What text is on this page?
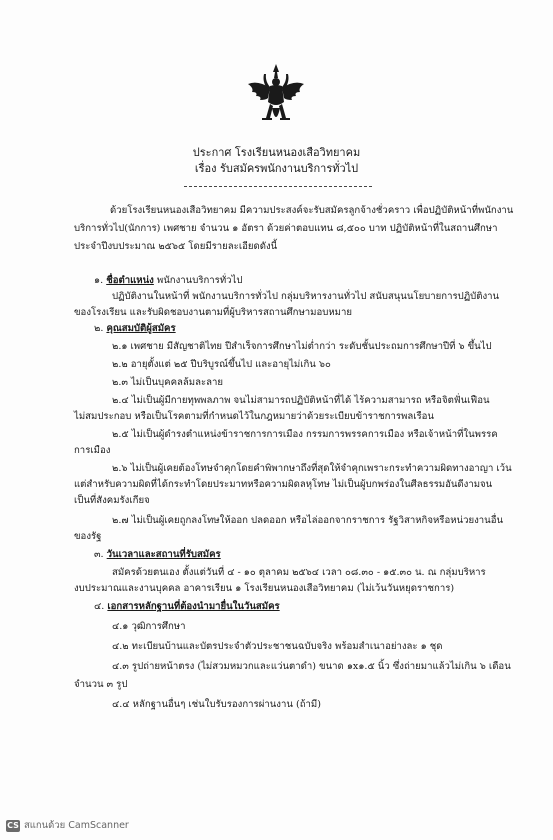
ประกาศ โรงเรียนหนองเสือวิทยาคม
เรื่อง รับสมัครพนักงานบริการทั่วไป
ด้วยโรงเรียนหนองเสือวิทยาคม มีความประสงค์จะรับสมัครลูกจ้างชั่วคราว เพื่อปฏิบัติหน้าที่พนักงาน
บริการทั่วไป(นักการ) เพศชาย จำนวน ๑ อัตรา ด้วยค่าตอบแทน ๘,๕๐๐ บาท ปฏิบัติหน้าที่ในสถานศึกษา
ประจำปีงบประมาณ ๒๕๖๕ โดยมีรายละเอียดดังนี้
๑. ชื่อตำแหน่ง พนักงานบริการทั่วไป
ปฏิบัติงานในหน้าที่ พนักงานบริการทั่วไป กลุ่มบริหารงานทั่วไป สนับสนุนนโยบายการปฏิบัติงาน
ของโรงเรียน และรับผิดชอบงานตามที่ผู้บริหารสถานศึกษามอบหมาย
๒. คุณสมบัติผู้สมัคร
๒.๑ เพศชาย มีสัญชาติไทย ปีสำเร็จการศึกษาไม่ต่ำกว่า ระดับชั้นประถมการศึกษาปีที่ ๖ ขึ้นไป
๒.๒ อายุตั้งแต่ ๒๕ ปีบริบูรณ์ขึ้นไป และอายุไม่เกิน ๖๐
๒.๓ ไม่เป็นบุคคลล้มละลาย
๒.๔ ไม่เป็นผู้มีกายทุพพลภาพ จนไม่สามารถปฏิบัติหน้าที่ได้ ไร้ความสามารถ หรือจิตฟั่นเฟือน
ไม่สมประกอบ หรือเป็นโรคตามที่กำหนดไว้ในกฎหมายว่าด้วยระเบียบข้าราชการพลเรือน
๒.๕ ไม่เป็นผู้ดำรงตำแหน่งข้าราชการการเมือง กรรมการพรรคการเมือง หรือเจ้าหน้าที่ในพรรค
การเมือง
๒.๖ ไม่เป็นผู้เคยต้องโทษจำคุกโดยคำพิพากษาถึงที่สุดให้จำคุกเพราะกระทำความผิดทางอาญา เว้น
แต่สำหรับความผิดที่ได้กระทำโดยประมาทหรือความผิดลหุโทษ ไม่เป็นผู้บกพร่องในศีลธรรมอันดีงามจน
เป็นที่สังคมรังเกียจ
๒.๗ ไม่เป็นผู้เคยถูกลงโทษให้ออก ปลดออก หรือไล่ออกจากราชการ รัฐวิสาหกิจหรือหน่วยงานอื่น
ของรัฐ
๓. วันเวลาและสถานที่รับสมัคร
สมัครด้วยตนเอง ตั้งแต่วันที่ ๔ - ๑๐ ตุลาคม ๒๕๖๔ เวลา ๐๘.๓๐ - ๑๕.๓๐ น. ณ กลุ่มบริหาร
งบประมาณและงานบุคคล อาคารเรียน ๑ โรงเรียนหนองเสือวิทยาคม (ไม่เว้นวันหยุดราชการ)
๔. เอกสารหลักฐานที่ต้องนำมายื่นในวันสมัคร
๔.๑ วุฒิการศึกษา
๔.๒ ทะเบียนบ้านและบัตรประจำตัวประชาชนฉบับจริง พร้อมสำเนาอย่างละ ๑ ชุด
๔.๓ รูปถ่ายหน้าตรง (ไม่สวมหมวกและแว่นตาดำ) ขนาด ๑x๑.๕ นิ้ว ซึ่งถ่ายมาแล้วไม่เกิน ๖ เดือน
จำนวน ๓ รูป
๔.๔ หลักฐานอื่นๆ เช่นใบรับรองการผ่านงาน (ถ้ามี)
CS สแกนด้วย CamScanner
